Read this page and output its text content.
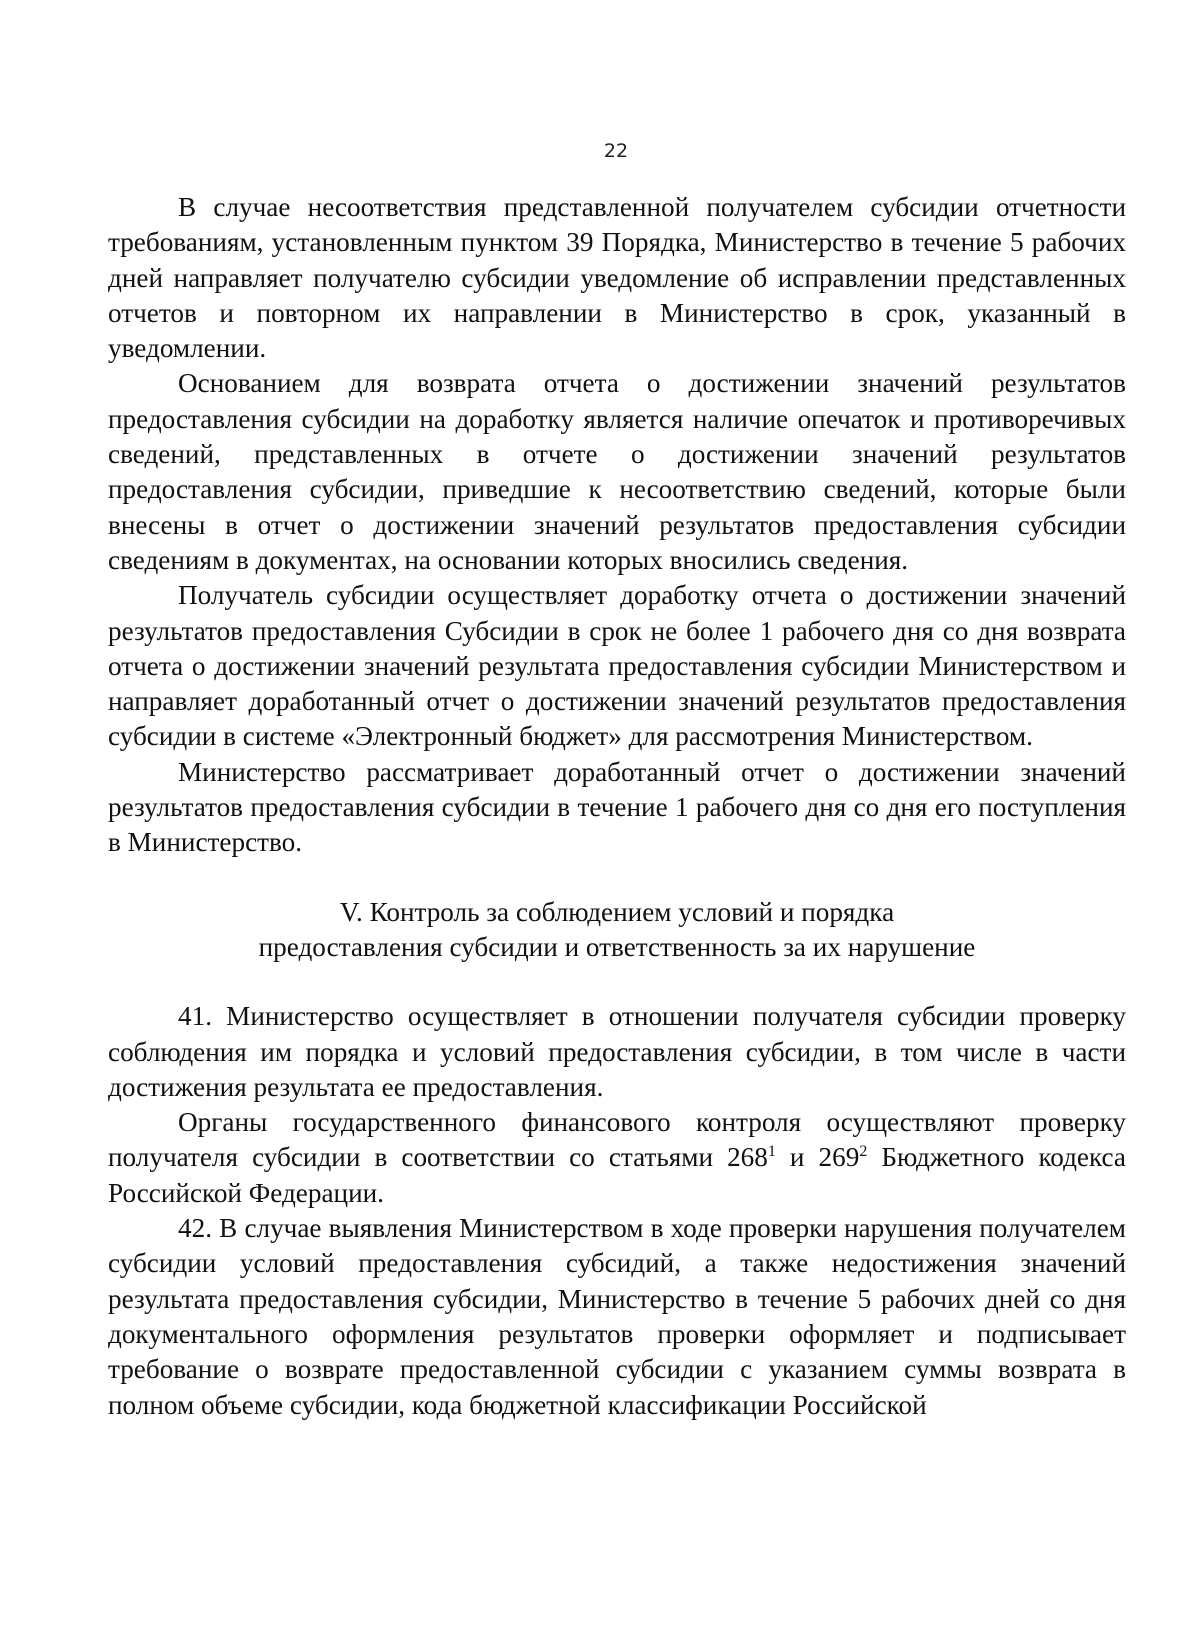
22

В случае несоответствия представленной получателем субсидии отчетности требованиям, установленным пунктом 39 Порядка, Министерство в течение 5 рабочих дней направляет получателю субсидии уведомление об исправлении представленных отчетов и повторном их направлении в Министерство в срок, указанный в уведомлении.

Основанием для возврата отчета о достижении значений результатов предоставления субсидии на доработку является наличие опечаток и противоречивых сведений, представленных в отчете о достижении значений результатов предоставления субсидии, приведшие к несоответствию сведений, которые были внесены в отчет о достижении значений результатов предоставления субсидии сведениям в документах, на основании которых вносились сведения.

Получатель субсидии осуществляет доработку отчета о достижении значений результатов предоставления Субсидии в срок не более 1 рабочего дня со дня возврата отчета о достижении значений результата предоставления субсидии Министерством и направляет доработанный отчет о достижении значений результатов предоставления субсидии в системе «Электронный бюджет» для рассмотрения Министерством.

Министерство рассматривает доработанный отчет о достижении значений результатов предоставления субсидии в течение 1 рабочего дня со дня его поступления в Министерство.

V. Контроль за соблюдением условий и порядка
предоставления субсидии и ответственность за их нарушение

41. Министерство осуществляет в отношении получателя субсидии проверку соблюдения им порядка и условий предоставления субсидии, в том числе в части достижения результата ее предоставления.

Органы государственного финансового контроля осуществляют проверку получателя субсидии в соответствии со статьями $268^1$ и $269^2$ Бюджетного кодекса Российской Федерации.

42. В случае выявления Министерством в ходе проверки нарушения получателем субсидии условий предоставления субсидий, а также недостижения значений результата предоставления субсидии, Министерство в течение 5 рабочих дней со дня документального оформления результатов проверки оформляет и подписывает требование о возврате предоставленной субсидии с указанием суммы возврата в полном объеме субсидии, кода бюджетной классификации Российской
